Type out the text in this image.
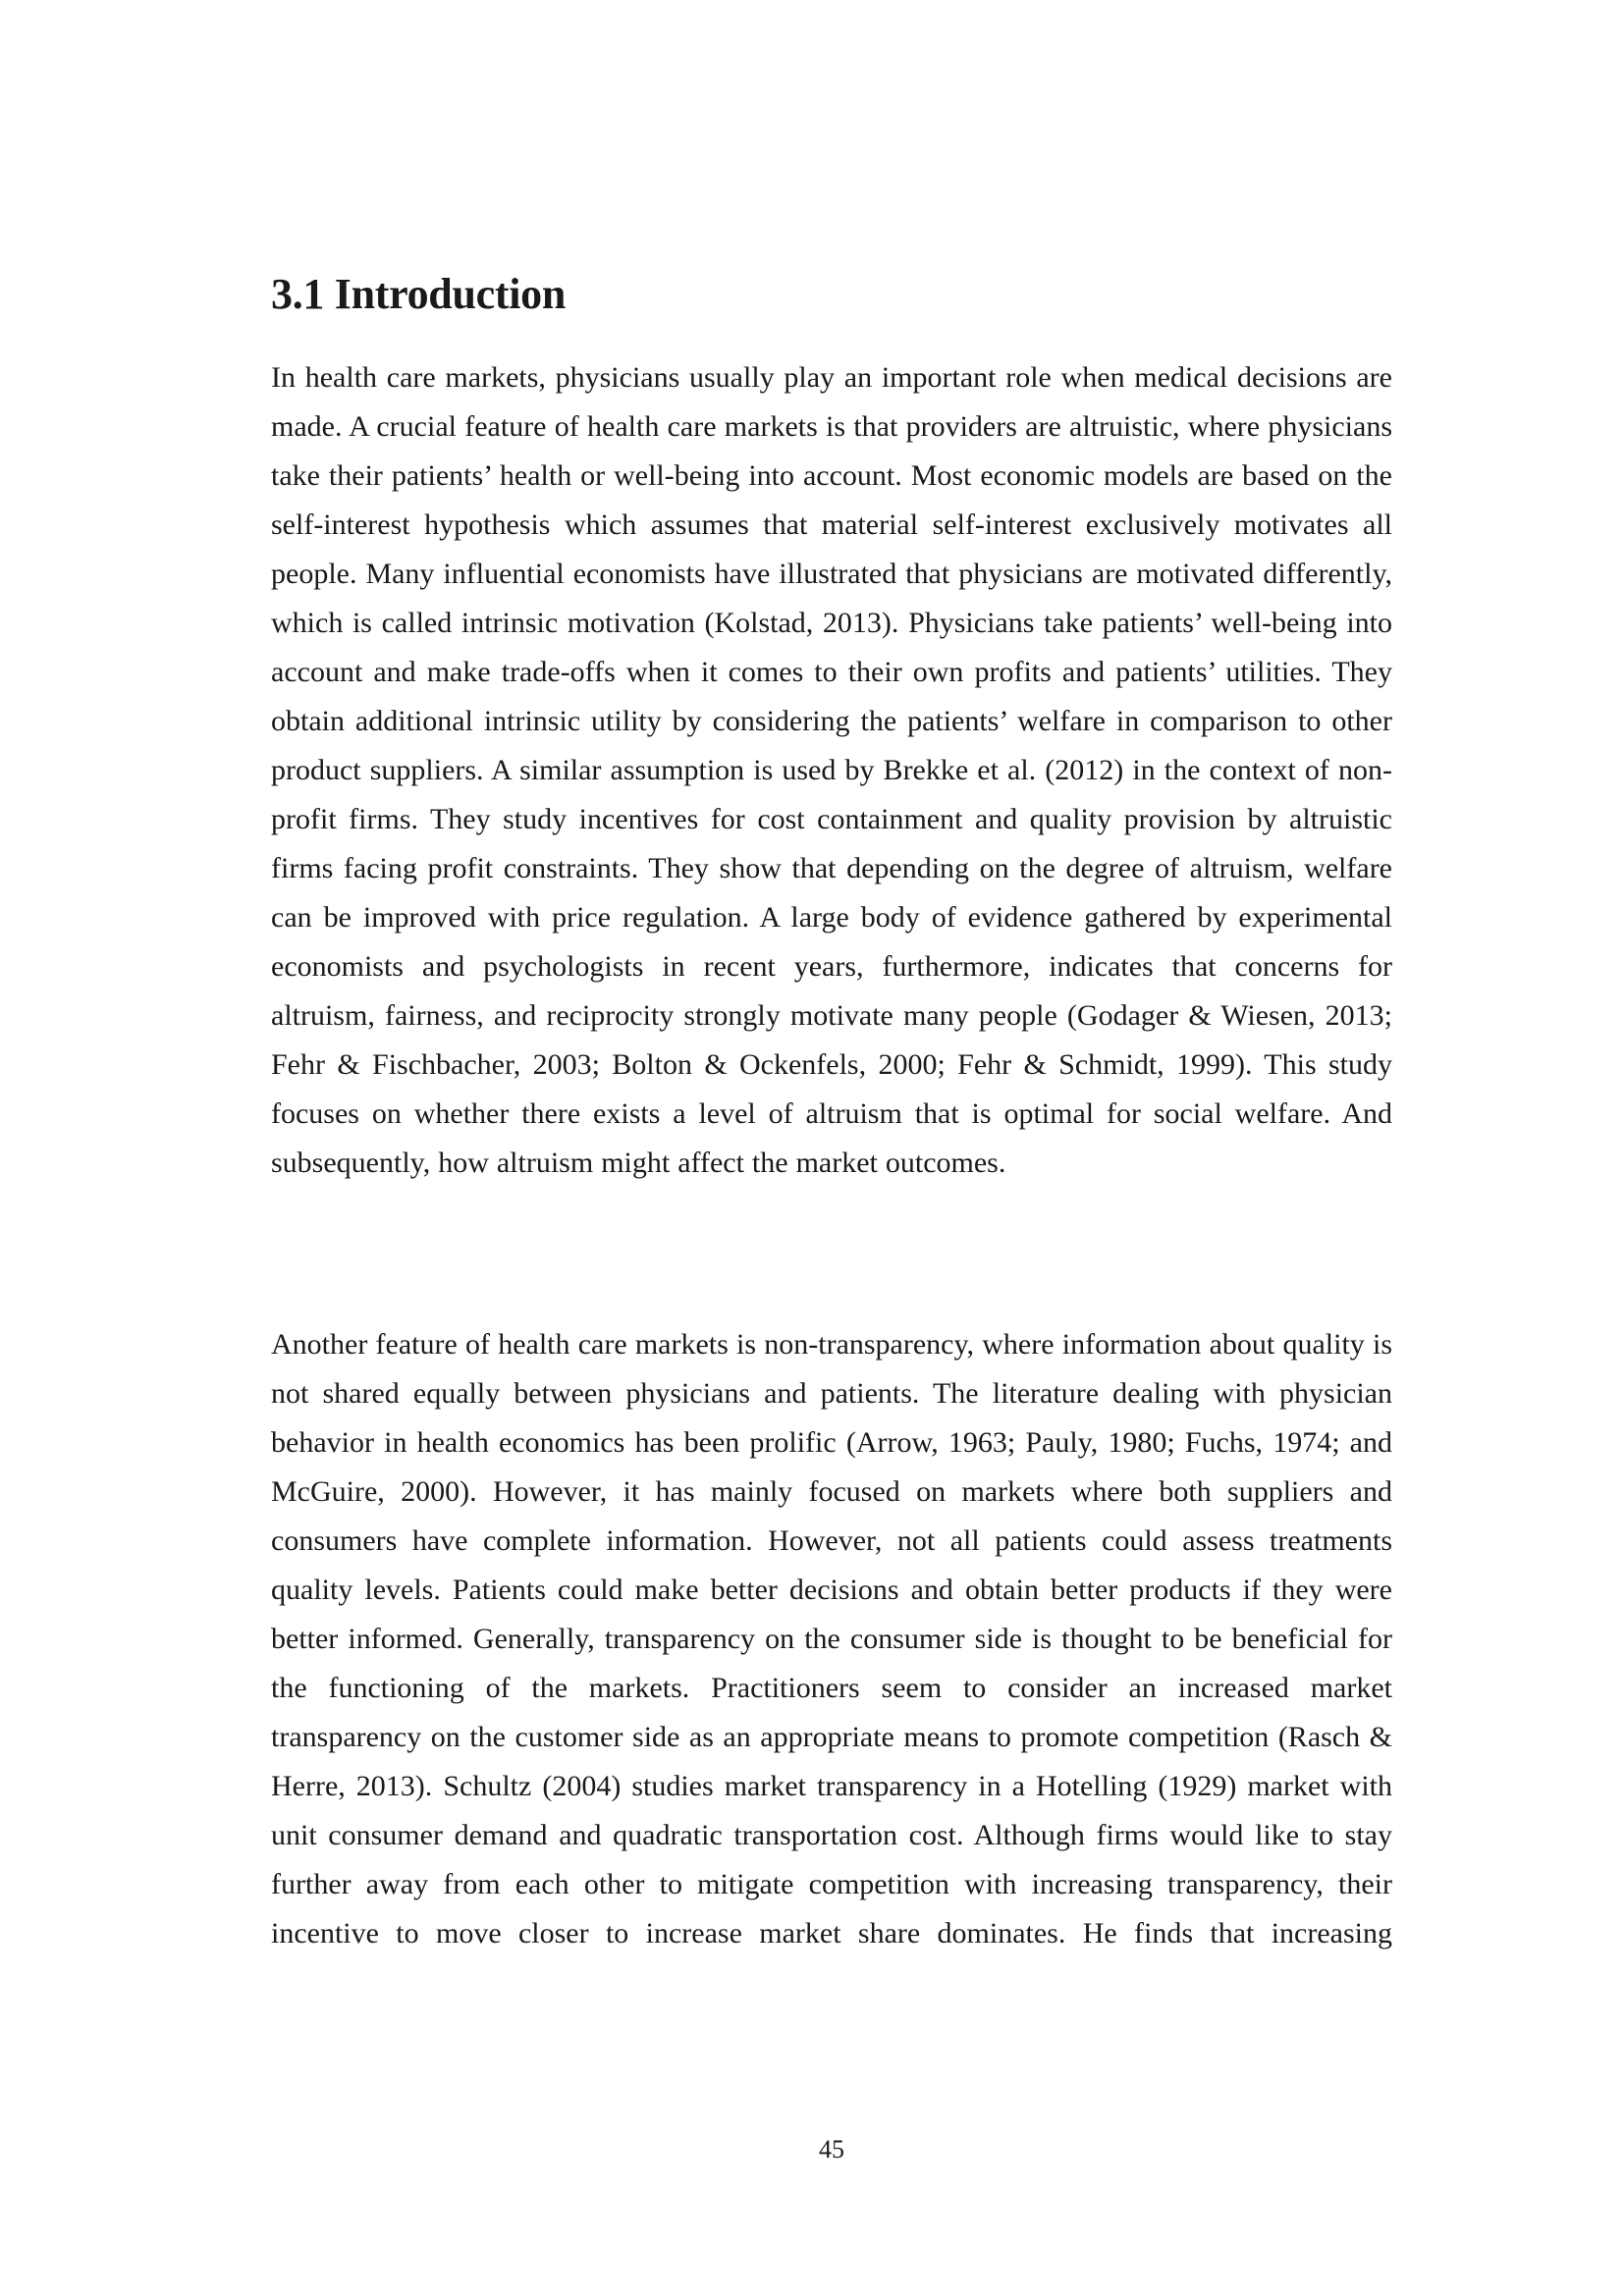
3.1 Introduction

In health care markets, physicians usually play an important role when medical decisions are made. A crucial feature of health care markets is that providers are altruistic, where physicians take their patients’ health or well-being into account. Most economic models are based on the self-interest hypothesis which assumes that material self-interest exclusively motivates all people. Many influential economists have illustrated that physicians are motivated differently, which is called intrinsic motivation (Kolstad, 2013). Physicians take patients’ well-being into account and make trade-offs when it comes to their own profits and patients’ utilities. They obtain additional intrinsic utility by considering the patients’ welfare in comparison to other product suppliers. A similar assumption is used by Brekke et al. (2012) in the context of non-profit firms. They study incentives for cost containment and quality provision by altruistic firms facing profit constraints. They show that depending on the degree of altruism, welfare can be improved with price regulation. A large body of evidence gathered by experimental economists and psychologists in recent years, furthermore, indicates that concerns for altruism, fairness, and reciprocity strongly motivate many people (Godager & Wiesen, 2013; Fehr & Fischbacher, 2003; Bolton & Ockenfels, 2000; Fehr & Schmidt, 1999). This study focuses on whether there exists a level of altruism that is optimal for social welfare. And subsequently, how altruism might affect the market outcomes.

Another feature of health care markets is non-transparency, where information about quality is not shared equally between physicians and patients. The literature dealing with physician behavior in health economics has been prolific (Arrow, 1963; Pauly, 1980; Fuchs, 1974; and McGuire, 2000). However, it has mainly focused on markets where both suppliers and consumers have complete information. However, not all patients could assess treatments quality levels. Patients could make better decisions and obtain better products if they were better informed. Generally, transparency on the consumer side is thought to be beneficial for the functioning of the markets. Practitioners seem to consider an increased market transparency on the customer side as an appropriate means to promote competition (Rasch & Herre, 2013). Schultz (2004) studies market transparency in a Hotelling (1929) market with unit consumer demand and quadratic transportation cost. Although firms would like to stay further away from each other to mitigate competition with increasing transparency, their incentive to move closer to increase market share dominates. He finds that increasing

45
